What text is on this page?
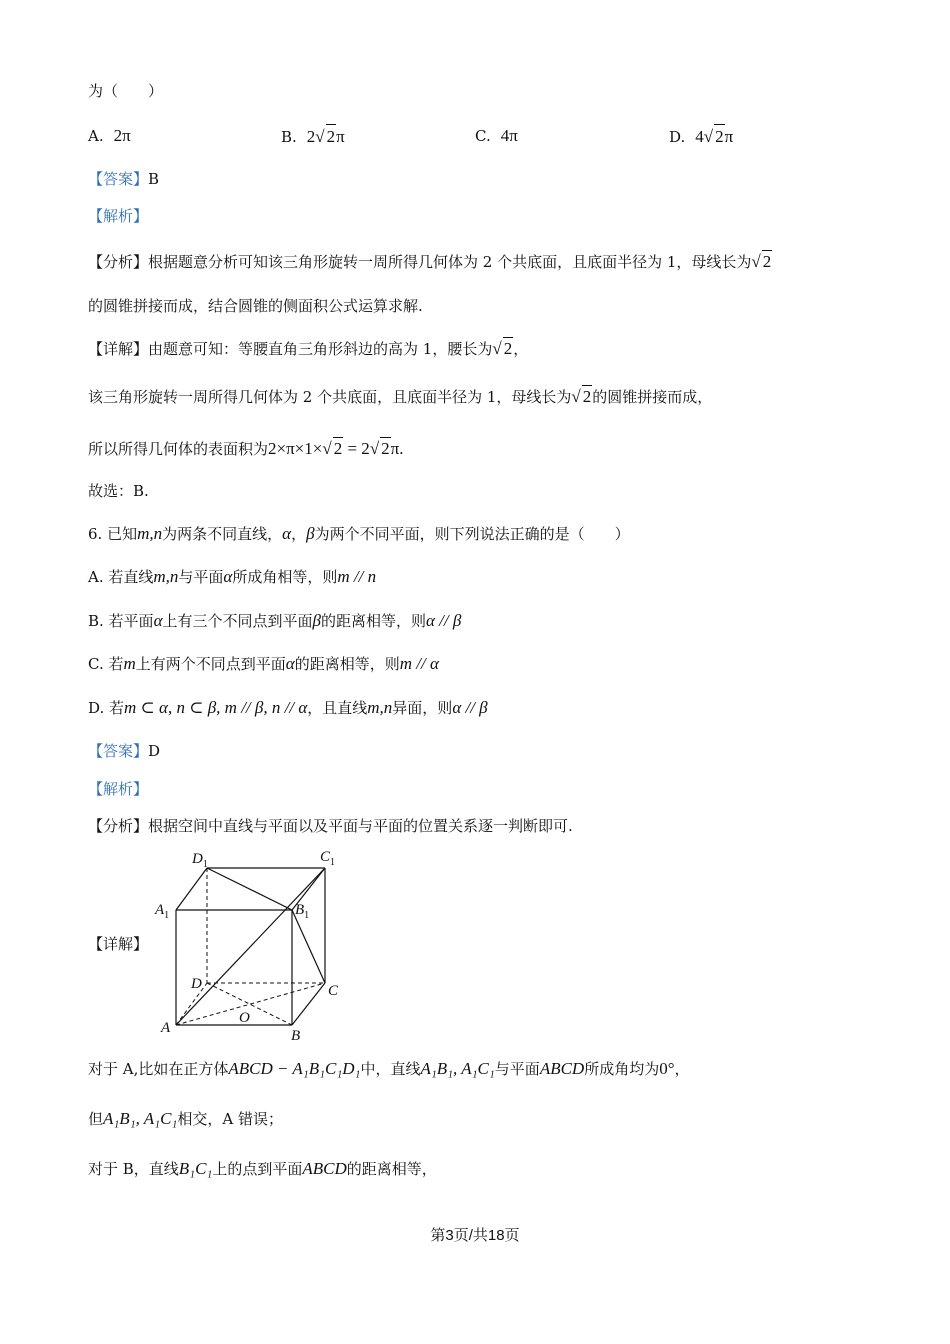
为（　　）
A. 2π	B. 2√ 2π	C. 4π	D. 4√ 2π
【答案】B
【解析】
【分析】根据题意分析可知该三角形旋转一周所得几何体为 2 个共底面，且底面半径为 1，母线长为√ 2
的圆锥拼接而成，结合圆锥的侧面积公式运算求解.
【详解】由题意可知：等腰直角三角形斜边的高为 1，腰长为√ 2，
该三角形旋转一周所得几何体为 2 个共底面，且底面半径为 1，母线长为√ 2的圆锥拼接而成，
所以所得几何体的表面积为2×π×1×√ 2 = 2√ 2π.
故选：B.
6. 已知m,n为两条不同直线，α，β为两个不同平面，则下列说法正确的是（　　）
A. 若直线m,n与平面α所成角相等，则m // n
B. 若平面α上有三个不同点到平面β的距离相等，则α // β
C. 若m上有两个不同点到平面α的距离相等，则m // α
D. 若m ⊂ α, n ⊂ β, m // β, n // α，且直线m,n异面，则α // β
【答案】D
【解析】
【分析】根据空间中直线与平面以及平面与平面的位置关系逐一判断即可.
【详解】
$D_1$	$C_1$
$A_1$	$B_1$
D	C
A	B
O
对于 A,比如在正方体ABCD − A₁B₁C₁D₁中，直线A₁B₁, A₁C₁与平面ABCD所成角均为0°，
但A₁B₁, A₁C₁相交，A 错误；
对于 B，直线B₁C₁上的点到平面ABCD的距离相等，
第3页/共18页
